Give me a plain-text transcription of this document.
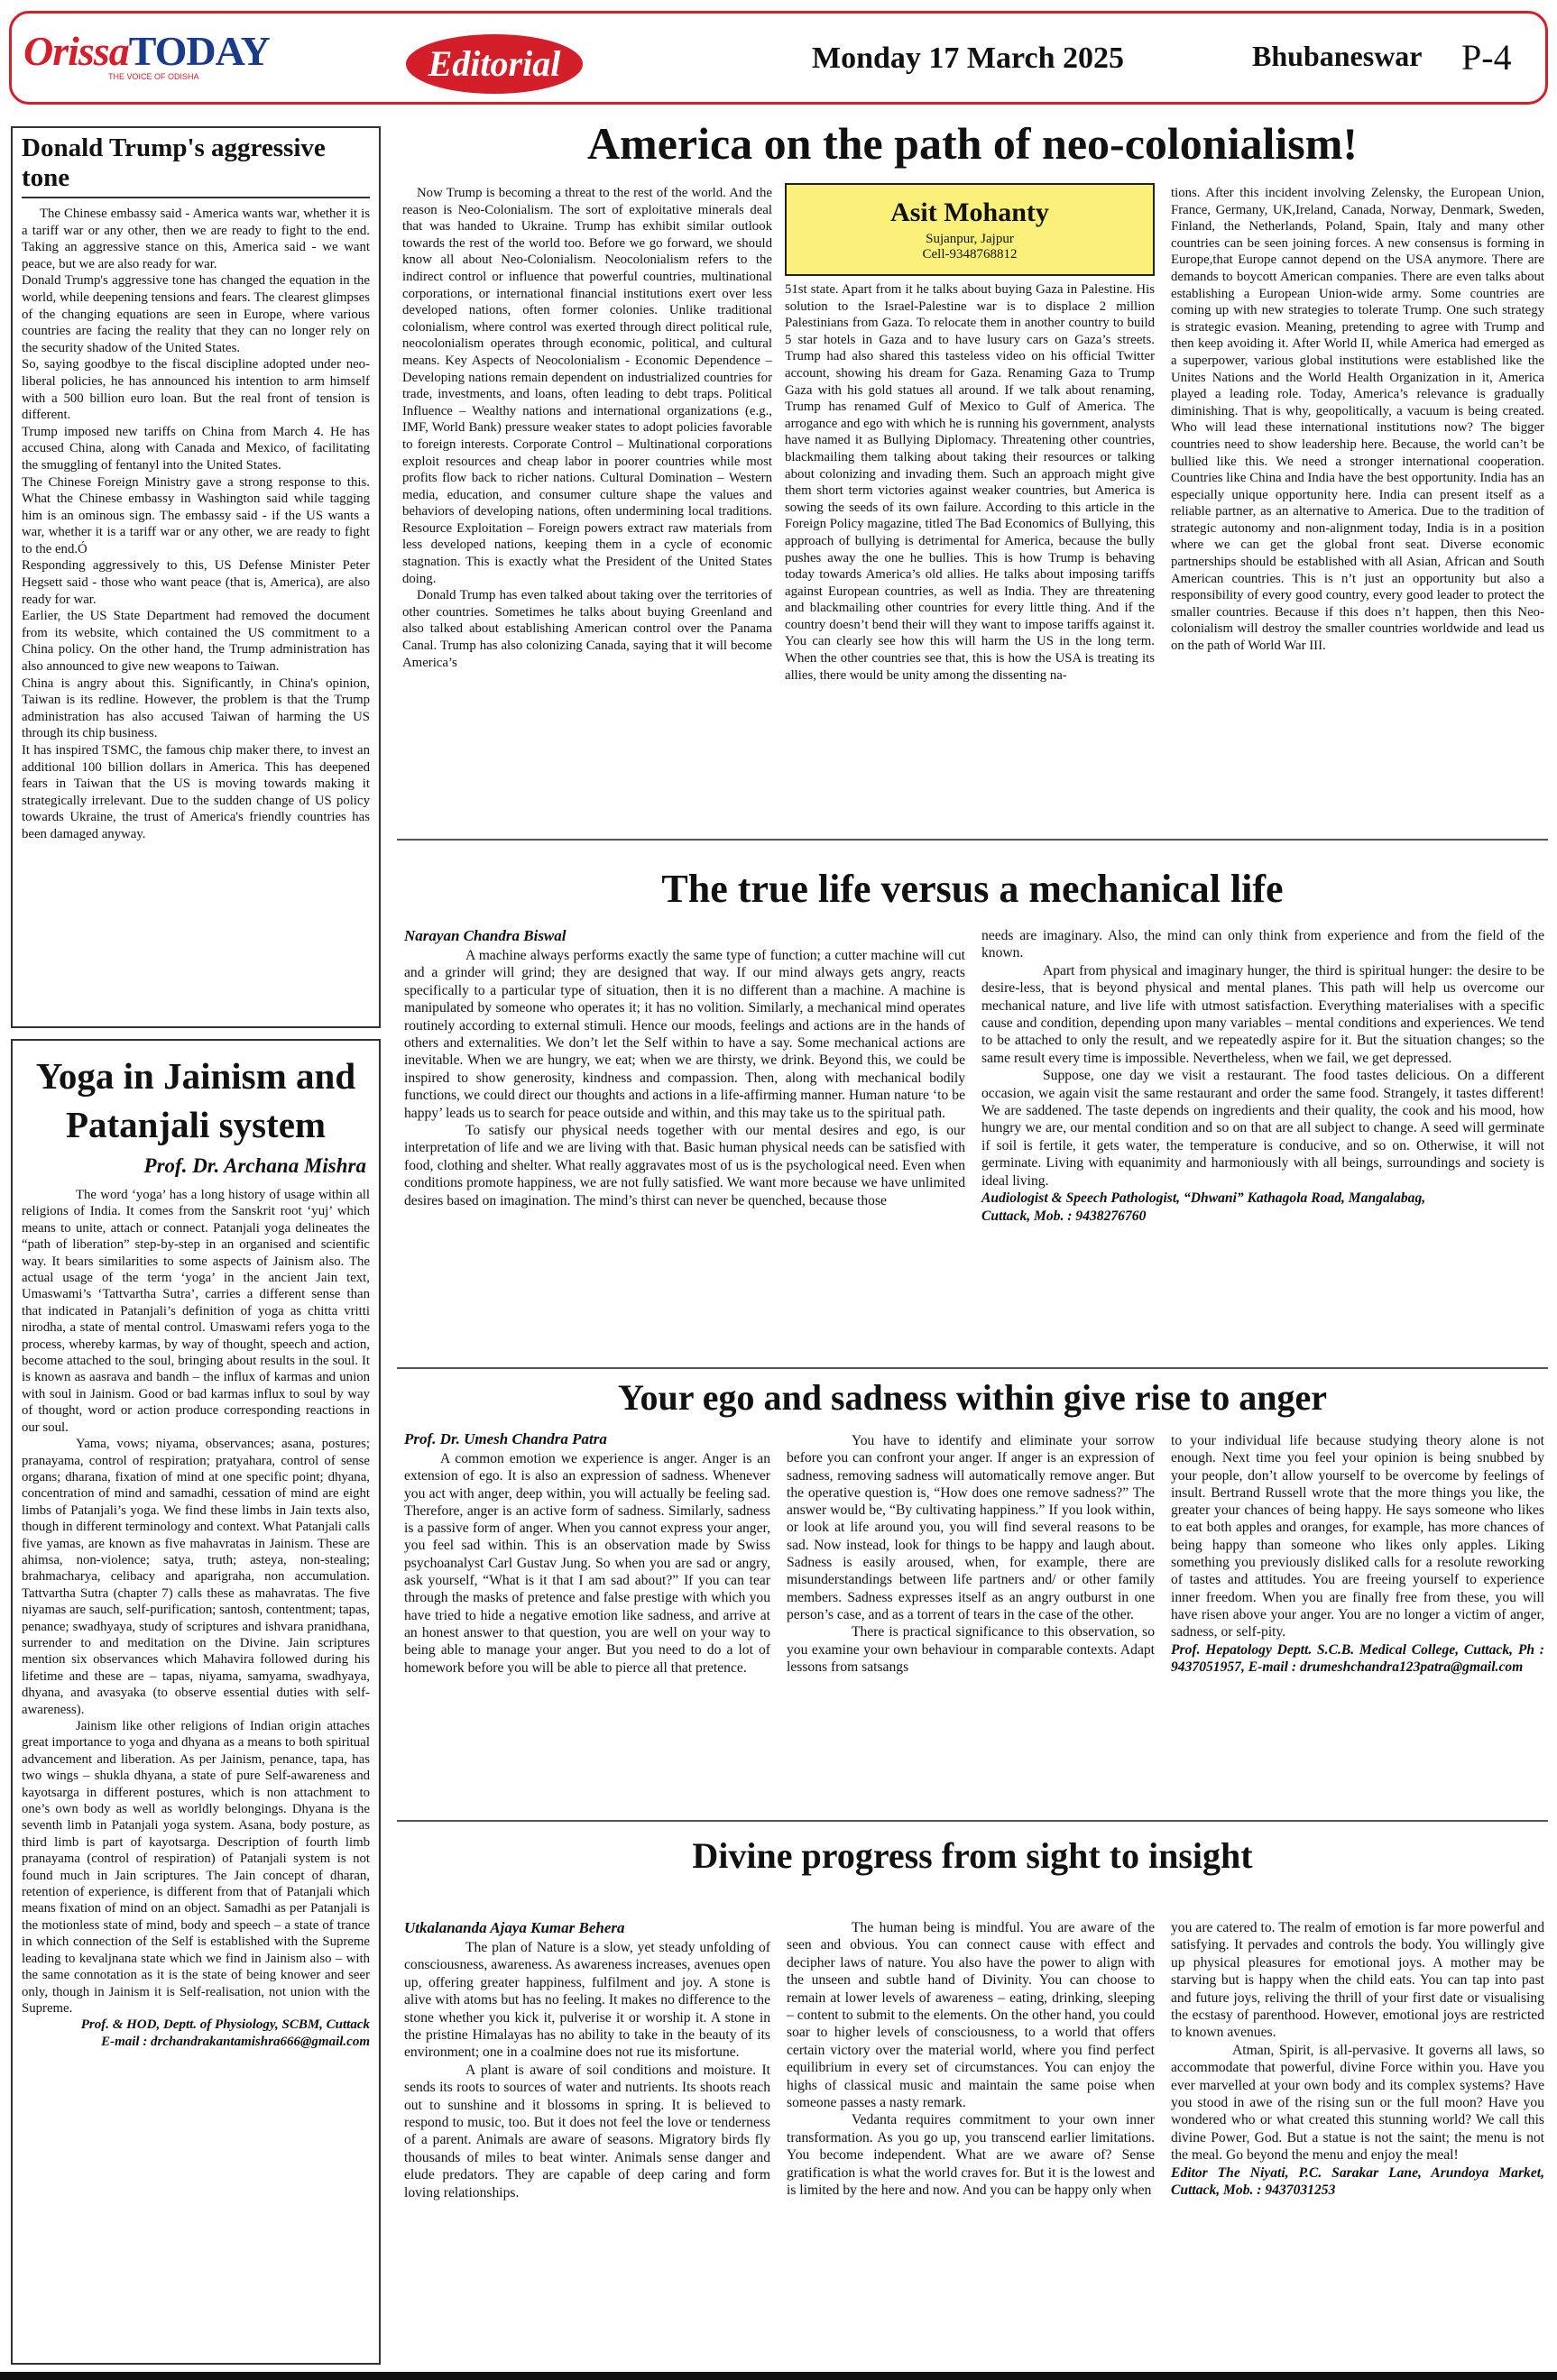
OrissaTODAY
THE VOICE OF ODISHA	Editorial	Monday 17 March 2025	Bhubaneswar P-4
Donald Trump's aggressive tone

The Chinese embassy said - America wants war, whether it is a tariff war or any other, then we are ready to fight to the end. Taking an aggressive stance on this, America said - we want peace, but we are also ready for war.

Donald Trump's aggressive tone has changed the equation in the world, while deepening tensions and fears. The clearest glimpses of the changing equations are seen in Europe, where various countries are facing the reality that they can no longer rely on the security shadow of the United States.

So, saying goodbye to the fiscal discipline adopted under neo-liberal policies, he has announced his intention to arm himself with a 500 billion euro loan. But the real front of tension is different.

Trump imposed new tariffs on China from March 4. He has accused China, along with Canada and Mexico, of facilitating the smuggling of fentanyl into the United States.

The Chinese Foreign Ministry gave a strong response to this. What the Chinese embassy in Washington said while tagging him is an ominous sign. The embassy said - if the US wants a war, whether it is a tariff war or any other, we are ready to fight to the end.Ó

Responding aggressively to this, US Defense Minister Peter Hegsett said - those who want peace (that is, America), are also ready for war.

Earlier, the US State Department had removed the document from its website, which contained the US commitment to a China policy. On the other hand, the Trump administration has also announced to give new weapons to Taiwan.

China is angry about this. Significantly, in China's opinion, Taiwan is its redline. However, the problem is that the Trump administration has also accused Taiwan of harming the US through its chip business.

It has inspired TSMC, the famous chip maker there, to invest an additional 100 billion dollars in America. This has deepened fears in Taiwan that the US is moving towards making it strategically irrelevant. Due to the sudden change of US policy towards Ukraine, the trust of America's friendly countries has been damaged anyway.

Yoga in Jainism and Patanjali system
Prof. Dr. Archana Mishra

The word ‘yoga’ has a long history of usage within all religions of India. It comes from the Sanskrit root ‘yuj’ which means to unite, attach or connect. Patanjali yoga delineates the “path of liberation” step-by-step in an organised and scientific way. It bears similarities to some aspects of Jainism also. The actual usage of the term ‘yoga’ in the ancient Jain text, Umaswami’s ‘Tattvartha Sutra’, carries a different sense than that indicated in Patanjali’s definition of yoga as chitta vritti nirodha, a state of mental control. Umaswami refers yoga to the process, whereby karmas, by way of thought, speech and action, become attached to the soul, bringing about results in the soul. It is known as aasrava and bandh – the influx of karmas and union with soul in Jainism. Good or bad karmas influx to soul by way of thought, word or action produce corresponding reactions in our soul.

Yama, vows; niyama, observances; asana, postures; pranayama, control of respiration; pratyahara, control of sense organs; dharana, fixation of mind at one specific point; dhyana, concentration of mind and samadhi, cessation of mind are eight limbs of Patanjali’s yoga. We find these limbs in Jain texts also, though in different terminology and context. What Patanjali calls five yamas, are known as five mahavratas in Jainism. These are ahimsa, non-violence; satya, truth; asteya, non-stealing; brahmacharya, celibacy and aparigraha, non accumulation. Tattvartha Sutra (chapter 7) calls these as mahavratas. The five niyamas are sauch, self-purification; santosh, contentment; tapas, penance; swadhyaya, study of scriptures and ishvara pranidhana, surrender to and meditation on the Divine. Jain scriptures mention six observances which Mahavira followed during his lifetime and these are – tapas, niyama, samyama, swadhyaya, dhyana, and avasyaka (to observe essential duties with self-awareness).

Jainism like other religions of Indian origin attaches great importance to yoga and dhyana as a means to both spiritual advancement and liberation. As per Jainism, penance, tapa, has two wings – shukla dhyana, a state of pure Self-awareness and kayotsarga in different postures, which is non attachment to one’s own body as well as worldly belongings. Dhyana is the seventh limb in Patanjali yoga system. Asana, body posture, as third limb is part of kayotsarga. Description of fourth limb pranayama (control of respiration) of Patanjali system is not found much in Jain scriptures. The Jain concept of dharan, retention of experience, is different from that of Patanjali which means fixation of mind on an object. Samadhi as per Patanjali is the motionless state of mind, body and speech – a state of trance in which connection of the Self is established with the Supreme leading to kevaljnana state which we find in Jainism also – with the same connotation as it is the state of being knower and seer only, though in Jainism it is Self-realisation, not union with the Supreme.

Prof. & HOD, Deptt. of Physiology, SCBM, Cuttack
E-mail : drchandrakantamishra666@gmail.com
America on the path of neo-colonialism!

Now Trump is becoming a threat to the rest of the world. And the reason is Neo-Colonialism. The sort of exploitative minerals deal that was handed to Ukraine. Trump has exhibit similar outlook towards the rest of the world too. Before we go forward, we should know all about Neo-Colonialism. Neocolonialism refers to the indirect control or influence that powerful countries, multinational corporations, or international financial institutions exert over less developed nations, often former colonies. Unlike traditional colonialism, where control was exerted through direct political rule, neocolonialism operates through economic, political, and cultural means. Key Aspects of Neocolonialism - Economic Dependence – Developing nations remain dependent on industrialized countries for trade, investments, and loans, often leading to debt traps. Political Influence – Wealthy nations and international organizations (e.g., IMF, World Bank) pressure weaker states to adopt policies favorable to foreign interests. Corporate Control – Multinational corporations exploit resources and cheap labor in poorer countries while most profits flow back to richer nations. Cultural Domination – Western media, education, and consumer culture shape the values and behaviors of developing nations, often undermining local traditions. Resource Exploitation – Foreign powers extract raw materials from less developed nations, keeping them in a cycle of economic stagnation. This is exactly what the President of the United States doing.

Donald Trump has even talked about taking over the territories of other countries. Sometimes he talks about buying Greenland and also talked about establishing American control over the Panama Canal. Trump has also colonizing Canada, saying that it will become America’s

Asit Mohanty
Sujanpur, Jajpur
Cell-9348768812

51st state. Apart from it he talks about buying Gaza in Palestine. His solution to the Israel-Palestine war is to displace 2 million Palestinians from Gaza. To relocate them in another country to build 5 star hotels in Gaza and to have lusury cars on Gaza’s streets. Trump had also shared this tasteless video on his official Twitter account, showing his dream for Gaza. Renaming Gaza to Trump Gaza with his gold statues all around. If we talk about renaming, Trump has renamed Gulf of Mexico to Gulf of America. The arrogance and ego with which he is running his government, analysts have named it as Bullying Diplomacy. Threatening other countries, blackmailing them talking about taking their resources or talking about colonizing and invading them. Such an approach might give them short term victories against weaker countries, but America is sowing the seeds of its own failure. According to this article in the Foreign Policy magazine, titled The Bad Economics of Bullying, this approach of bullying is detrimental for America, because the bully pushes away the one he bullies. This is how Trump is behaving today towards America’s old allies. He talks about imposing tariffs against European countries, as well as India. They are threatening and blackmailing other countries for every little thing. And if the country doesn’t bend their will they want to impose tariffs against it. You can clearly see how this will harm the US in the long term. When the other countries see that, this is how the USA is treating its allies, there would be unity among the dissenting na-

tions. After this incident involving Zelensky, the European Union, France, Germany, UK,Ireland, Canada, Norway, Denmark, Sweden, Finland, the Netherlands, Poland, Spain, Italy and many other countries can be seen joining forces. A new consensus is forming in Europe,that Europe cannot depend on the USA anymore. There are demands to boycott American companies. There are even talks about establishing a European Union-wide army. Some countries are coming up with new strategies to tolerate Trump. One such strategy is strategic evasion. Meaning, pretending to agree with Trump and then keep avoiding it. After World II, while America had emerged as a superpower, various global institutions were established like the Unites Nations and the World Health Organization in it, America played a leading role. Today, America’s relevance is gradually diminishing. That is why, geopolitically, a vacuum is being created. Who will lead these international institutions now? The bigger countries need to show leadership here. Because, the world can’t be bullied like this. We need a stronger international cooperation. Countries like China and India have the best opportunity. India has an especially unique opportunity here. India can present itself as a reliable partner, as an alternative to America. Due to the tradition of strategic autonomy and non-alignment today, India is in a position where we can get the global front seat. Diverse economic partnerships should be established with all Asian, African and South American countries. This is n’t just an opportunity but also a responsibility of every good country, every good leader to protect the smaller countries. Because if this does n’t happen, then this Neo-colonialism will destroy the smaller countries worldwide and lead us on the path of World War III.

The true life versus a mechanical life
Narayan Chandra Biswal

A machine always performs exactly the same type of function; a cutter machine will cut and a grinder will grind; they are designed that way. If our mind always gets angry, reacts specifically to a particular type of situation, then it is no different than a machine. A machine is manipulated by someone who operates it; it has no volition. Similarly, a mechanical mind operates routinely according to external stimuli. Hence our moods, feelings and actions are in the hands of others and externalities. We don’t let the Self within to have a say. Some mechanical actions are inevitable. When we are hungry, we eat; when we are thirsty, we drink. Beyond this, we could be inspired to show generosity, kindness and compassion. Then, along with mechanical bodily functions, we could direct our thoughts and actions in a life-affirming manner. Human nature ‘to be happy’ leads us to search for peace outside and within, and this may take us to the spiritual path.

To satisfy our physical needs together with our mental desires and ego, is our interpretation of life and we are living with that. Basic human physical needs can be satisfied with food, clothing and shelter. What really aggravates most of us is the psychological need. Even when conditions promote happiness, we are not fully satisfied. We want more because we have unlimited desires based on imagination. The mind’s thirst can never be quenched, because those

needs are imaginary. Also, the mind can only think from experience and from the field of the known.

Apart from physical and imaginary hunger, the third is spiritual hunger: the desire to be desire-less, that is beyond physical and mental planes. This path will help us overcome our mechanical nature, and live life with utmost satisfaction. Everything materialises with a specific cause and condition, depending upon many variables – mental conditions and experiences. We tend to be attached to only the result, and we repeatedly aspire for it. But the situation changes; so the same result every time is impossible. Nevertheless, when we fail, we get depressed.

Suppose, one day we visit a restaurant. The food tastes delicious. On a different occasion, we again visit the same restaurant and order the same food. Strangely, it tastes different! We are saddened. The taste depends on ingredients and their quality, the cook and his mood, how hungry we are, our mental condition and so on that are all subject to change. A seed will germinate if soil is fertile, it gets water, the temperature is conducive, and so on. Otherwise, it will not germinate. Living with equanimity and harmoniously with all beings, surroundings and society is ideal living.

Audiologist & Speech Pathologist, “Dhwani” Kathagola Road, Mangalabag,
Cuttack, Mob. : 9438276760
Your ego and sadness within give rise to anger
Prof. Dr. Umesh Chandra Patra

A common emotion we experience is anger. Anger is an extension of ego. It is also an expression of sadness. Whenever you act with anger, deep within, you will actually be feeling sad. Therefore, anger is an active form of sadness. Similarly, sadness is a passive form of anger. When you cannot express your anger, you feel sad within. This is an observation made by Swiss psychoanalyst Carl Gustav Jung. So when you are sad or angry, ask yourself, “What is it that I am sad about?” If you can tear through the masks of pretence and false prestige with which you have tried to hide a negative emotion like sadness, and arrive at an honest answer to that question, you are well on your way to being able to manage your anger. But you need to do a lot of homework before you will be able to pierce all that pretence.

You have to identify and eliminate your sorrow before you can confront your anger. If anger is an expression of sadness, removing sadness will automatically remove anger. But the operative question is, “How does one remove sadness?” The answer would be, “By cultivating happiness.” If you look within, or look at life around you, you will find several reasons to be sad. Now instead, look for things to be happy and laugh about. Sadness is easily aroused, when, for example, there are misunderstandings between life partners and/ or other family members. Sadness expresses itself as an angry outburst in one person’s case, and as a torrent of tears in the case of the other.

There is practical significance to this observation, so you examine your own behaviour in comparable contexts. Adapt lessons from satsangs

to your individual life because studying theory alone is not enough. Next time you feel your opinion is being snubbed by your people, don’t allow yourself to be overcome by feelings of insult. Bertrand Russell wrote that the more things you like, the greater your chances of being happy. He says someone who likes to eat both apples and oranges, for example, has more chances of being happy than someone who likes only apples. Liking something you previously disliked calls for a resolute reworking of tastes and attitudes. You are freeing yourself to experience inner freedom. When you are finally free from these, you will have risen above your anger. You are no longer a victim of anger, sadness, or self-pity.

Prof. Hepatology Deptt. S.C.B. Medical College, Cuttack, Ph : 9437051957, E-mail : drumeshchandra123patra@gmail.com
Divine progress from sight to insight
Utkalananda Ajaya Kumar Behera

The plan of Nature is a slow, yet steady unfolding of consciousness, awareness. As awareness increases, avenues open up, offering greater happiness, fulfilment and joy. A stone is alive with atoms but has no feeling. It makes no difference to the stone whether you kick it, pulverise it or worship it. A stone in the pristine Himalayas has no ability to take in the beauty of its environment; one in a coalmine does not rue its misfortune.

A plant is aware of soil conditions and moisture. It sends its roots to sources of water and nutrients. Its shoots reach out to sunshine and it blossoms in spring. It is believed to respond to music, too. But it does not feel the love or tenderness of a parent. Animals are aware of seasons. Migratory birds fly thousands of miles to beat winter. Animals sense danger and elude predators. They are capable of deep caring and form loving relationships.

The human being is mindful. You are aware of the seen and obvious. You can connect cause with effect and decipher laws of nature. You also have the power to align with the unseen and subtle hand of Divinity. You can choose to remain at lower levels of awareness – eating, drinking, sleeping – content to submit to the elements. On the other hand, you could soar to higher levels of consciousness, to a world that offers certain victory over the material world, where you find perfect equilibrium in every set of circumstances. You can enjoy the highs of classical music and maintain the same poise when someone passes a nasty remark.

Vedanta requires commitment to your own inner transformation. As you go up, you transcend earlier limitations. You become independent. What are we aware of? Sense gratification is what the world craves for. But it is the lowest and is limited by the here and now. And you can be happy only when

you are catered to. The realm of emotion is far more powerful and satisfying. It pervades and controls the body. You willingly give up physical pleasures for emotional joys. A mother may be starving but is happy when the child eats. You can tap into past and future joys, reliving the thrill of your first date or visualising the ecstasy of parenthood. However, emotional joys are restricted to known avenues.

Atman, Spirit, is all-pervasive. It governs all laws, so accommodate that powerful, divine Force within you. Have you ever marvelled at your own body and its complex systems? Have you stood in awe of the rising sun or the full moon? Have you wondered who or what created this stunning world? We call this divine Power, God. But a statue is not the saint; the menu is not the meal. Go beyond the menu and enjoy the meal!

Editor The Niyati, P.C. Sarakar Lane, Arundoya Market, Cuttack, Mob. : 9437031253
